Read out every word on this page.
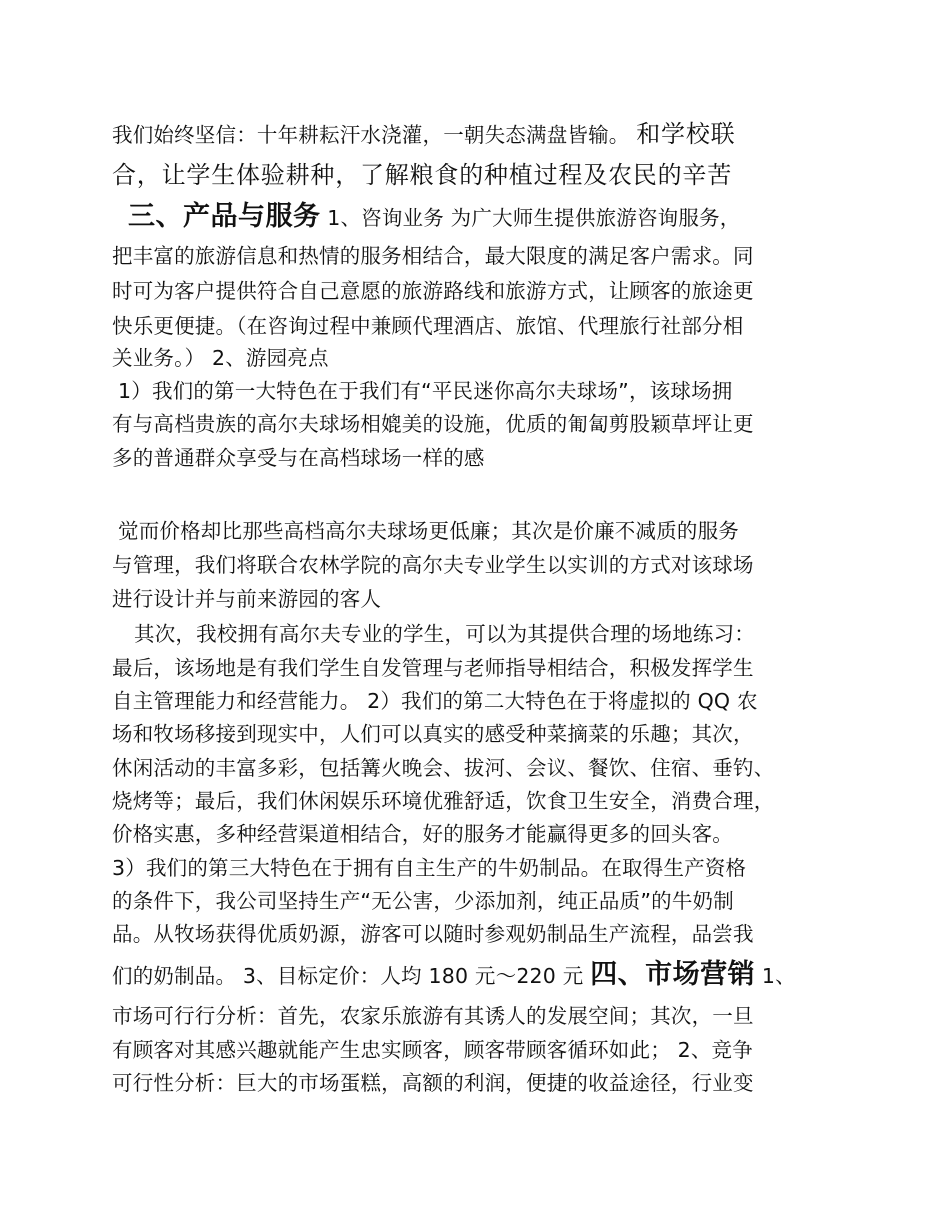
我们始终坚信：十年耕耘汗水浇灌，一朝失态满盘皆输。 和学校联
合，让学生体验耕种，了解粮食的种植过程及农民的辛苦
三、产品与服务 1、咨询业务 为广大师生提供旅游咨询服务，
把丰富的旅游信息和热情的服务相结合，最大限度的满足客户需求。同
时可为客户提供符合自己意愿的旅游路线和旅游方式，让顾客的旅途更
快乐更便捷。（在咨询过程中兼顾代理酒店、旅馆、代理旅行社部分相
关业务。） 2、游园亮点
1）我们的第一大特色在于我们有“平民迷你高尔夫球场”，该球场拥
有与高档贵族的高尔夫球场相媲美的设施，优质的匍匐剪股颖草坪让更
多的普通群众享受与在高档球场一样的感
觉而价格却比那些高档高尔夫球场更低廉；其次是价廉不减质的服务
与管理，我们将联合农林学院的高尔夫专业学生以实训的方式对该球场
进行设计并与前来游园的客人
其次，我校拥有高尔夫专业的学生，可以为其提供合理的场地练习：
最后，该场地是有我们学生自发管理与老师指导相结合，积极发挥学生
自主管理能力和经营能力。 2）我们的第二大特色在于将虚拟的 QQ 农
场和牧场移接到现实中，人们可以真实的感受种菜摘菜的乐趣；其次，
休闲活动的丰富多彩，包括篝火晚会、拔河、会议、餐饮、住宿、垂钓、
烧烤等；最后，我们休闲娱乐环境优雅舒适，饮食卫生安全，消费合理，
价格实惠，多种经营渠道相结合，好的服务才能赢得更多的回头客。
3）我们的第三大特色在于拥有自主生产的牛奶制品。在取得生产资格
的条件下，我公司坚持生产“无公害，少添加剂，纯正品质”的牛奶制
品。从牧场获得优质奶源，游客可以随时参观奶制品生产流程，品尝我
们的奶制品。 3、目标定价：人均 180 元～220 元 四、市场营销 1、
市场可行行分析：首先，农家乐旅游有其诱人的发展空间；其次，一旦
有顾客对其感兴趣就能产生忠实顾客，顾客带顾客循环如此； 2、竞争
可行性分析：巨大的市场蛋糕，高额的利润，便捷的收益途径，行业变
